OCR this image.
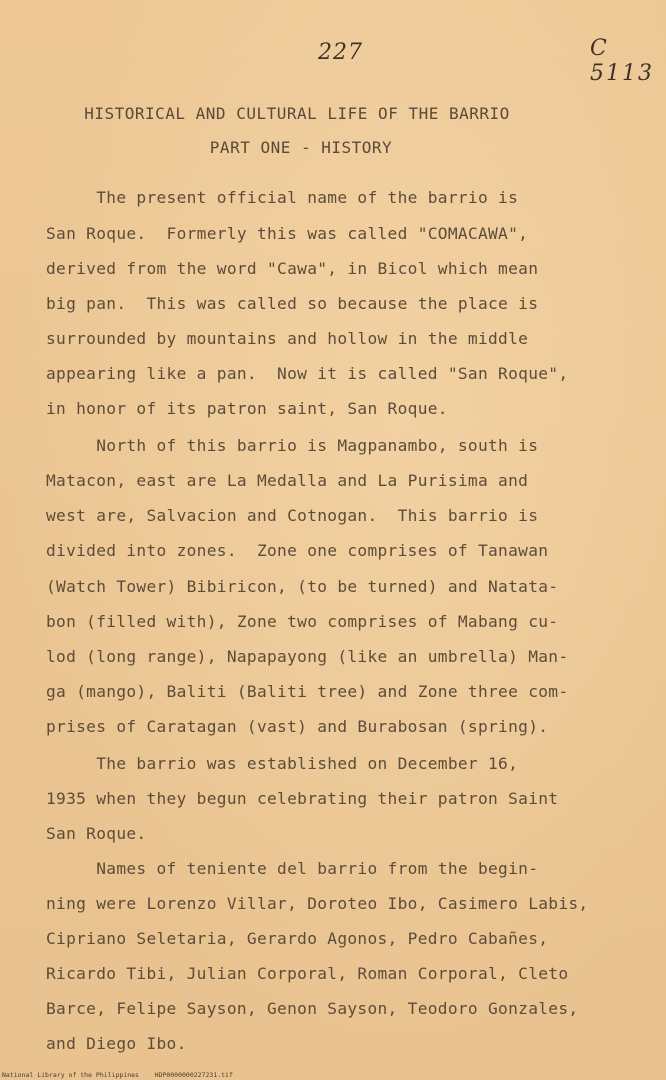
227	C 5113
HISTORICAL AND CULTURAL LIFE OF THE BARRIO
PART ONE - HISTORY
The present official name of the barrio is
San Roque.  Formerly this was called "COMACAWA",
derived from the word "Cawa", in Bicol which mean
big pan.  This was called so because the place is
surrounded by mountains and hollow in the middle
appearing like a pan.  Now it is called "San Roque",
in honor of its patron saint, San Roque.
North of this barrio is Magpanambo, south is
Matacon, east are La Medalla and La Purisima and
west are, Salvacion and Cotnogan.  This barrio is
divided into zones.  Zone one comprises of Tanawan
(Watch Tower) Bibiricon, (to be turned) and Natata-
bon (filled with), Zone two comprises of Mabang cu-
lod (long range), Napapayong (like an umbrella) Man-
ga (mango), Baliti (Baliti tree) and Zone three com-
prises of Caratagan (vast) and Burabosan (spring).
The barrio was established on December 16,
1935 when they begun celebrating their patron Saint
San Roque.
Names of teniente del barrio from the begin-
ning were Lorenzo Villar, Doroteo Ibo, Casimero Labis,
Cipriano Seletaria, Gerardo Agonos, Pedro Cabañes,
Ricardo Tibi, Julian Corporal, Roman Corporal, Cleto
Barce, Felipe Sayson, Genon Sayson, Teodoro Gonzales,
and Diego Ibo.
National Library of the Philippines    HDP0000000227231.tif
